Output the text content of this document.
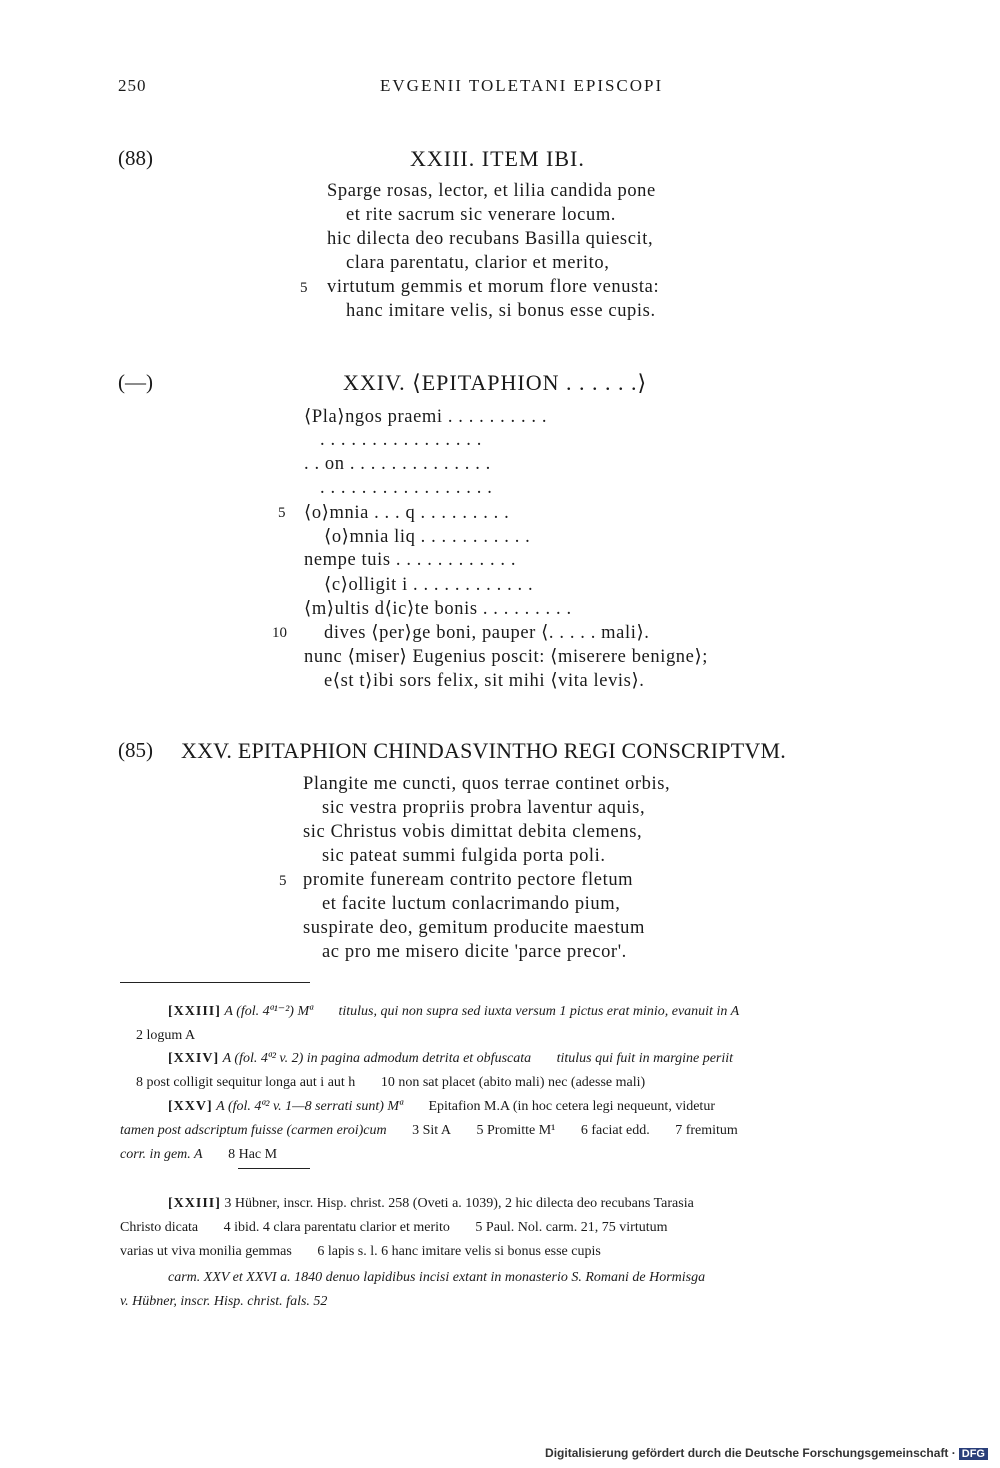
250	EVGENII TOLETANI EPISCOPI
(88)	XXIII. ITEM IBI.
Sparge rosas, lector, et lilia candida pone
et rite sacrum sic venerare locum.
hic dilecta deo recubans Basilla quiescit,
clara parentatu, clarior et merito,
5 virtutum gemmis et morum flore venusta:
hanc imitare velis, si bonus esse cupis.
(—)	XXIV. ⟨EPITAPHION . . . . . .⟩
⟨Pla⟩ngos praemi . . . . . . . . . .
. . . . . . . . . . . . . . . .
. . on . . . . . . . . . . . . . .
. . . . . . . . . . . . . . . . .
5 ⟨o⟩mnia . . . q . . . . . . . . .
⟨o⟩mnia liq . . . . . . . . . . .
nempe tuis . . . . . . . . . . . .
⟨c⟩olligit i . . . . . . . . . . . .
⟨m⟩ultis d⟨ic⟩te bonis . . . . . . . . .
10 dives ⟨per⟩ge boni, pauper ⟨. . . . . mali⟩.
nunc ⟨miser⟩ Eugenius poscit: ⟨miserere benigne⟩;
e⟨st t⟩ibi sors felix, sit mihi ⟨vita levis⟩.
(85) XXV. EPITAPHION CHINDASVINTHO REGI CONSCRIPTVM.
Plangite me cuncti, quos terrae continet orbis,
sic vestra propriis probra laventur aquis,
sic Christus vobis dimittat debita clemens,
sic pateat summi fulgida porta poli.
5 promite funeream contrito pectore fletum
et facite luctum conlacrimando pium,
suspirate deo, gemitum producite maestum
ac pro me misero dicite 'parce precor'.
[XXIII] A (fol. 4ª¹⁻²) Mª titulus, qui non supra sed iuxta versum 1 pictus erat minio, evanuit in A
2 logum A
[XXIV] A (fol. 4ª² v. 2) in pagina admodum detrita et obfuscata titulus qui fuit in margine periit
8 post colligit sequitur longa aut i aut h 10 non sat placet (abito mali) nec (adesse mali)
[XXV] A (fol. 4ª² v. 1—8 serrati sunt) Mª Epitafion M.A (in hoc cetera legi nequeunt, videtur
tamen post adscriptum fuisse (carmen eroi)cum 3 Sit A 5 Promitte M¹ 6 faciat edd. 7 fremitum
corr. in gem. A 8 Hac M
[XXIII] 3 Hübner, inscr. Hisp. christ. 258 (Oveti a. 1039), 2 hic dilecta deo recubans Tarasia
Christo dicata 4 ibid. 4 clara parentatu clarior et merito 5 Paul. Nol. carm. 21, 75 virtutum
varias ut viva monilia gemmas 6 lapis s. l. 6 hanc imitare velis si bonus esse cupis
carm. XXV et XXVI a. 1840 denuo lapidibus incisi extant in monasterio S. Romani de Hormisga
v. Hübner, inscr. Hisp. christ. fals. 52
Digitalisierung gefördert durch die Deutsche Forschungsgemeinschaft · DFG
